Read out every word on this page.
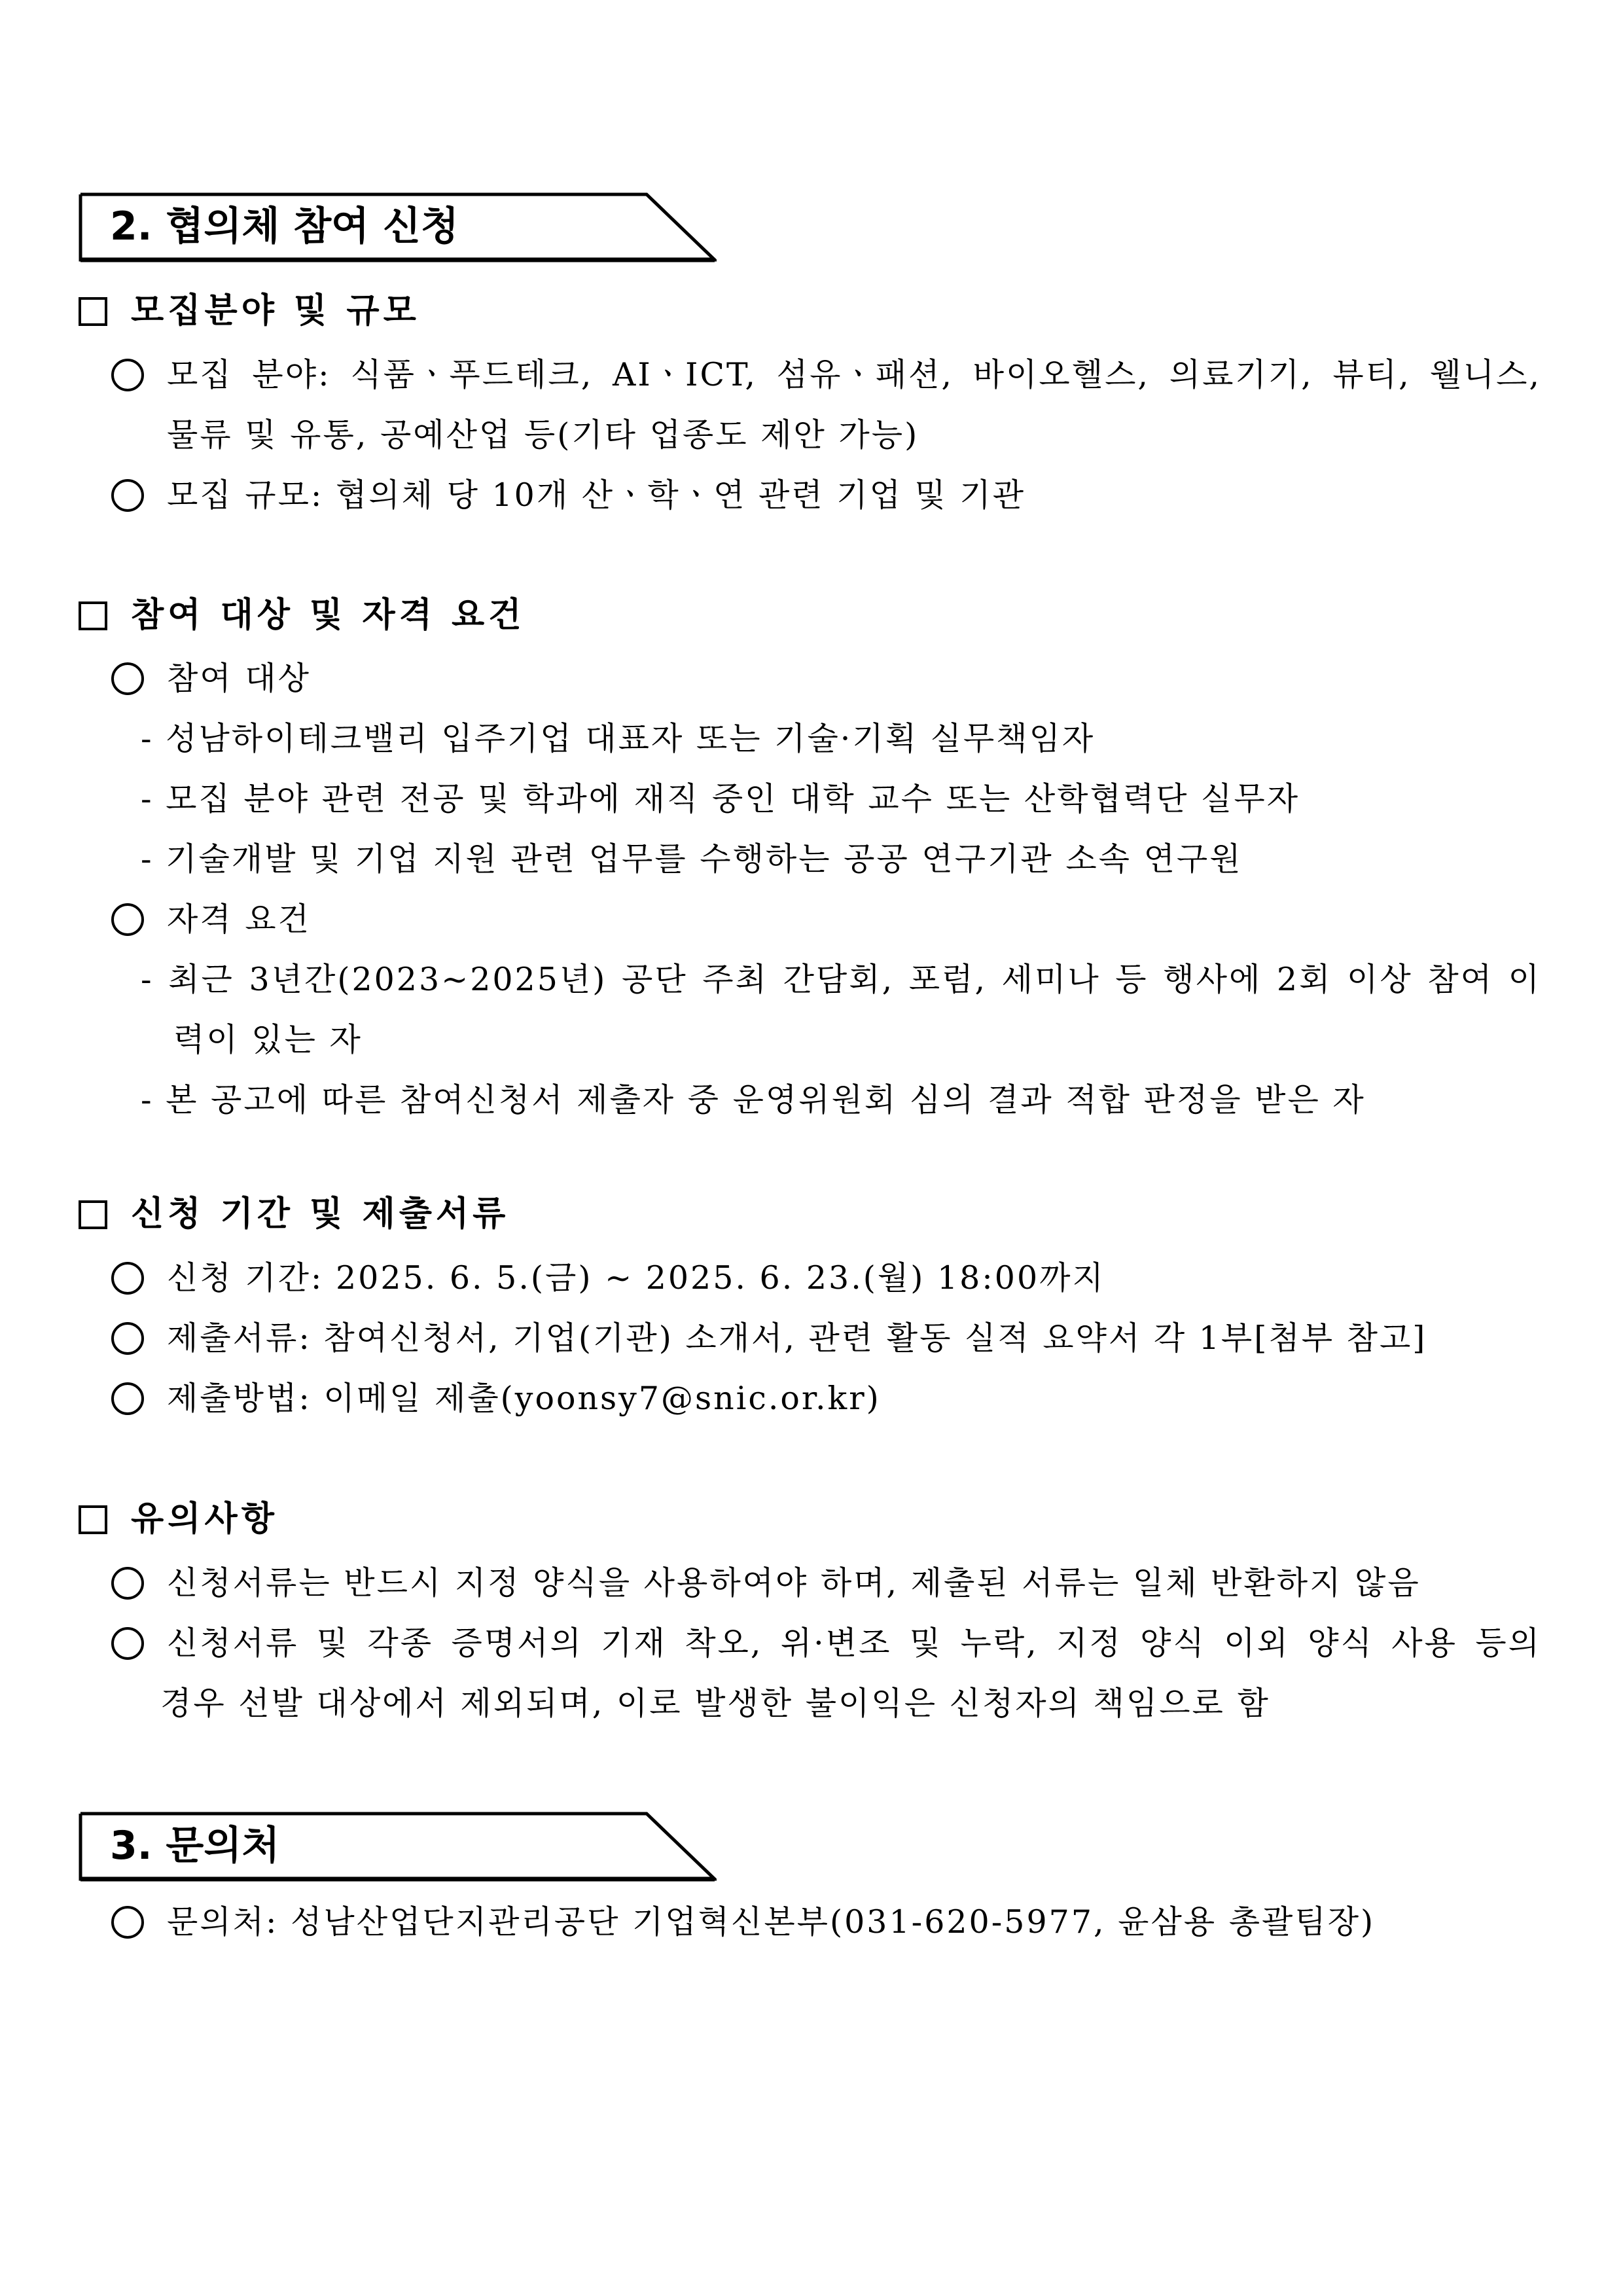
2. 협의체 참여 신청
모집분야 및 규모
모집 분야: 식품ㆍ푸드테크, AIㆍICT, 섬유ㆍ패션, 바이오헬스, 의료기기, 뷰티, 웰니스,
물류 및 유통, 공예산업 등(기타 업종도 제안 가능)
모집 규모: 협의체 당 10개 산ㆍ학ㆍ연 관련 기업 및 기관
참여 대상 및 자격 요건
참여 대상
- 성남하이테크밸리 입주기업 대표자 또는 기술·기획 실무책임자
- 모집 분야 관련 전공 및 학과에 재직 중인 대학 교수 또는 산학협력단 실무자
- 기술개발 및 기업 지원 관련 업무를 수행하는 공공 연구기관 소속 연구원
자격 요건
- 최근 3년간(2023~2025년) 공단 주최 간담회, 포럼, 세미나 등 행사에 2회 이상 참여 이
력이 있는 자
- 본 공고에 따른 참여신청서 제출자 중 운영위원회 심의 결과 적합 판정을 받은 자
신청 기간 및 제출서류
신청 기간: 2025. 6. 5.(금) ~ 2025. 6. 23.(월) 18:00까지
제출서류: 참여신청서, 기업(기관) 소개서, 관련 활동 실적 요약서 각 1부[첨부 참고]
제출방법: 이메일 제출(yoonsy7@snic.or.kr)
유의사항
신청서류는 반드시 지정 양식을 사용하여야 하며, 제출된 서류는 일체 반환하지 않음
신청서류 및 각종 증명서의 기재 착오, 위·변조 및 누락, 지정 양식 이외 양식 사용 등의
경우 선발 대상에서 제외되며, 이로 발생한 불이익은 신청자의 책임으로 함
3. 문의처
문의처: 성남산업단지관리공단 기업혁신본부(031-620-5977, 윤삼용 총괄팀장)
